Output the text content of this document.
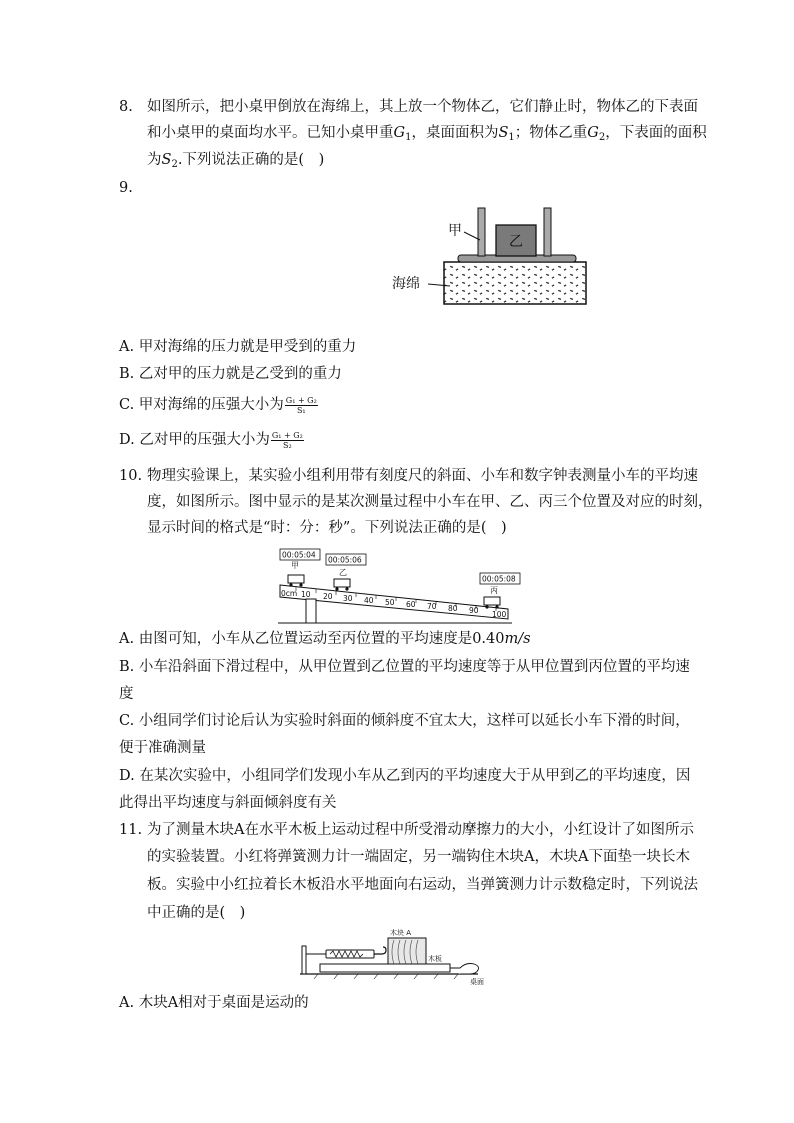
8. 如图所示，把小桌甲倒放在海绵上，其上放一个物体乙，它们静止时，物体乙的下表面
和小桌甲的桌面均水平。已知小桌甲重$G_1$，桌面面积为$S_1$；物体乙重$G_2$，下表面的面积
为$S_2$.下列说法正确的是(　)
9.
乙
甲
海绵
A. 甲对海绵的压力就是甲受到的重力
B. 乙对甲的压力就是乙受到的重力
C. 甲对海绵的压强大小为 $\frac{\text{G₁ + G₂}}{\text{S₁}}$
D. 乙对甲的压强大小为 $\frac{\text{G₁ + G₂}}{\text{S₂}}$
10. 物理实验课上，某实验小组利用带有刻度尺的斜面、小车和数字钟表测量小车的平均速
度，如图所示。图中显示的是某次测量过程中小车在甲、乙、丙三个位置及对应的时刻，
显示时间的格式是“时：分：秒”。下列说法正确的是(　)
0cm 10 20 30 40 50 60 70 80 90 100
00:05:04
甲
00:05:06
乙
00:05:08
丙
A. 由图可知，小车从乙位置运动至丙位置的平均速度是0.40m/s
B. 小车沿斜面下滑过程中，从甲位置到乙位置的平均速度等于从甲位置到丙位置的平均速
度
C. 小组同学们讨论后认为实验时斜面的倾斜度不宜太大，这样可以延长小车下滑的时间，
便于准确测量
D. 在某次实验中，小组同学们发现小车从乙到丙的平均速度大于从甲到乙的平均速度，因
此得出平均速度与斜面倾斜度有关
11. 为了测量木块A在水平木板上运动过程中所受滑动摩擦力的大小，小红设计了如图所示
的实验装置。小红将弹簧测力计一端固定，另一端钩住木块A，木块A下面垫一块长木
板。实验中小红拉着长木板沿水平地面向右运动，当弹簧测力计示数稳定时，下列说法
中正确的是(　)
木块 A
木板
桌面
A. 木块A相对于桌面是运动的
